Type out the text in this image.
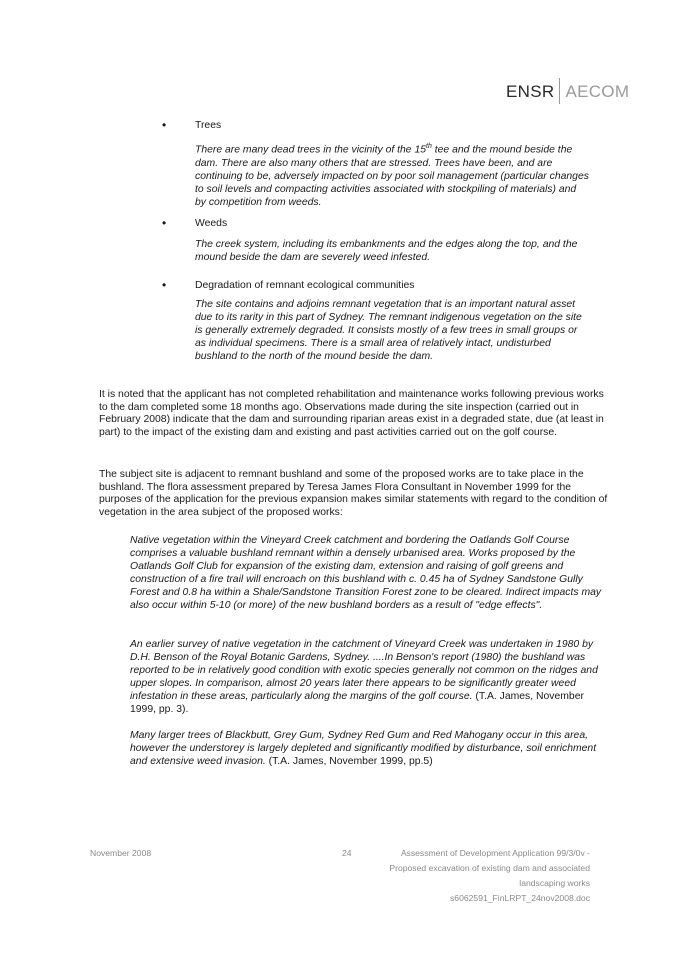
ENSR AECOM
•	Trees
There are many dead trees in the vicinity of the 15th tee and the mound beside the dam. There are also many others that are stressed. Trees have been, and are continuing to be, adversely impacted on by poor soil management (particular changes to soil levels and compacting activities associated with stockpiling of materials) and by competition from weeds.
•	Weeds
The creek system, including its embankments and the edges along the top, and the mound beside the dam are severely weed infested.
•	Degradation of remnant ecological communities
The site contains and adjoins remnant vegetation that is an important natural asset due to its rarity in this part of Sydney. The remnant indigenous vegetation on the site is generally extremely degraded. It consists mostly of a few trees in small groups or as individual specimens. There is a small area of relatively intact, undisturbed bushland to the north of the mound beside the dam.
It is noted that the applicant has not completed rehabilitation and maintenance works following previous works to the dam completed some 18 months ago. Observations made during the site inspection (carried out in February 2008) indicate that the dam and surrounding riparian areas exist in a degraded state, due (at least in part) to the impact of the existing dam and existing and past activities carried out on the golf course.
The subject site is adjacent to remnant bushland and some of the proposed works are to take place in the bushland. The flora assessment prepared by Teresa James Flora Consultant in November 1999 for the purposes of the application for the previous expansion makes similar statements with regard to the condition of vegetation in the area subject of the proposed works:
Native vegetation within the Vineyard Creek catchment and bordering the Oatlands Golf Course comprises a valuable bushland remnant within a densely urbanised area. Works proposed by the Oatlands Golf Club for expansion of the existing dam, extension and raising of golf greens and construction of a fire trail will encroach on this bushland with c. 0.45 ha of Sydney Sandstone Gully Forest and 0.8 ha within a Shale/Sandstone Transition Forest zone to be cleared. Indirect impacts may also occur within 5-10 (or more) of the new bushland borders as a result of "edge effects".
An earlier survey of native vegetation in the catchment of Vineyard Creek was undertaken in 1980 by D.H. Benson of the Royal Botanic Gardens, Sydney. ....In Benson's report (1980) the bushland was reported to be in relatively good condition with exotic species generally not common on the ridges and upper slopes. In comparison, almost 20 years later there appears to be significantly greater weed infestation in these areas, particularly along the margins of the golf course. (T.A. James, November 1999, pp. 3).
Many larger trees of Blackbutt, Grey Gum, Sydney Red Gum and Red Mahogany occur in this area, however the understorey is largely depleted and significantly modified by disturbance, soil enrichment and extensive weed invasion. (T.A. James, November 1999, pp.5)
November 2008	24	Assessment of Development Application 99/3/0v -
Proposed excavation of existing dam and associated
landscaping works
s6062591_FinLRPT_24nov2008.doc
